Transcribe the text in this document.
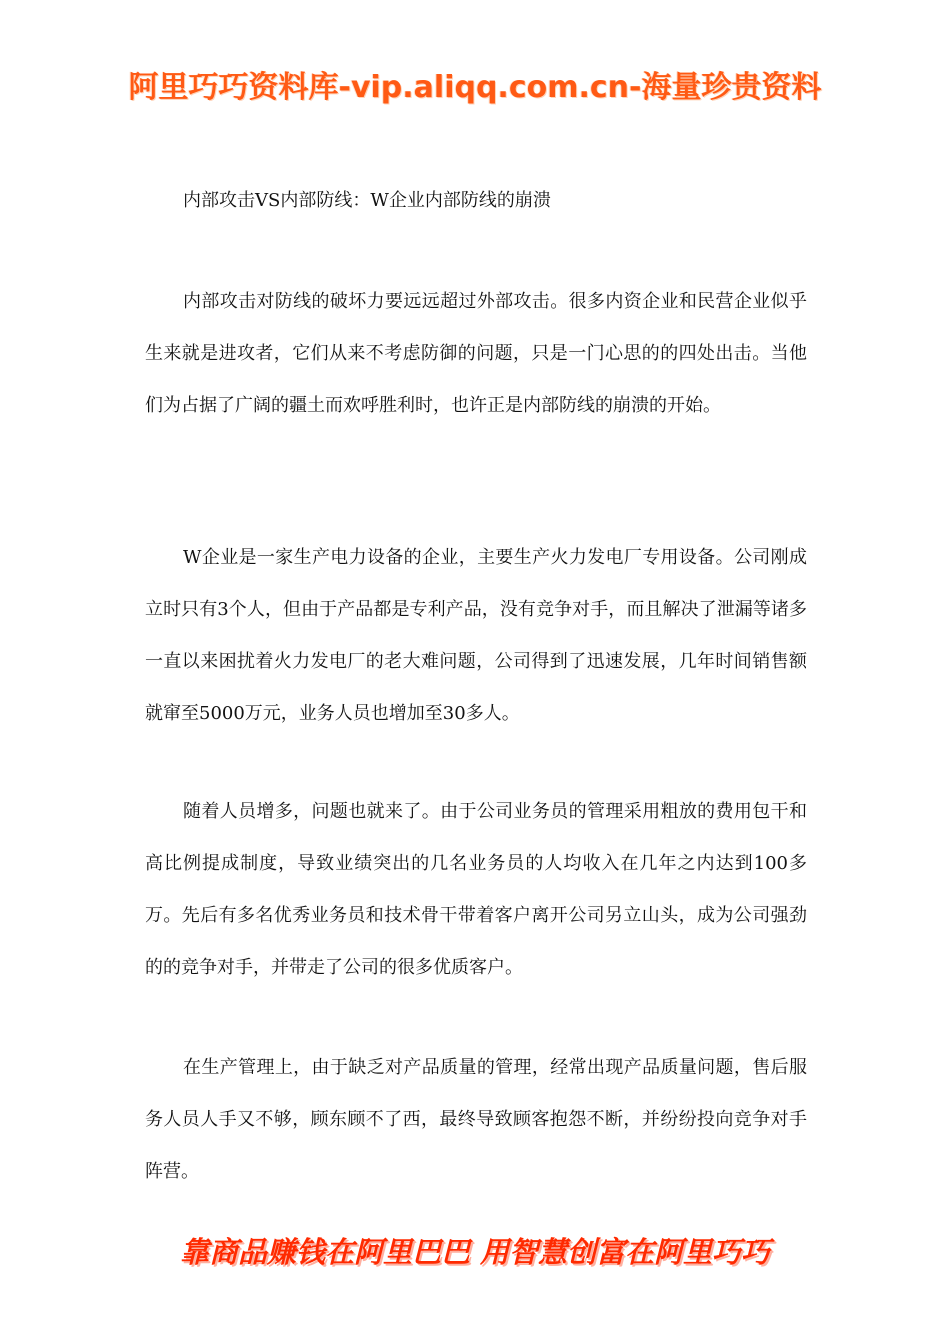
阿里巧巧资料库-vip.aliqq.com.cn-海量珍贵资料
内部攻击VS内部防线：W企业内部防线的崩溃

内部攻击对防线的破坏力要远远超过外部攻击。很多内资企业和民营企业似乎生来就是进攻者，它们从来不考虑防御的问题，只是一门心思的的四处出击。当他们为占据了广阔的疆土而欢呼胜利时，也许正是内部防线的崩溃的开始。

W企业是一家生产电力设备的企业，主要生产火力发电厂专用设备。公司刚成立时只有3个人，但由于产品都是专利产品，没有竞争对手，而且解决了泄漏等诸多一直以来困扰着火力发电厂的老大难问题，公司得到了迅速发展，几年时间销售额就窜至5000万元，业务人员也增加至30多人。

随着人员增多，问题也就来了。由于公司业务员的管理采用粗放的费用包干和高比例提成制度，导致业绩突出的几名业务员的人均收入在几年之内达到100多万。先后有多名优秀业务员和技术骨干带着客户离开公司另立山头，成为公司强劲的的竞争对手，并带走了公司的很多优质客户。

在生产管理上，由于缺乏对产品质量的管理，经常出现产品质量问题，售后服务人员人手又不够，顾东顾不了西，最终导致顾客抱怨不断，并纷纷投向竞争对手阵营。

靠商品赚钱在阿里巴巴 用智慧创富在阿里巧巧
